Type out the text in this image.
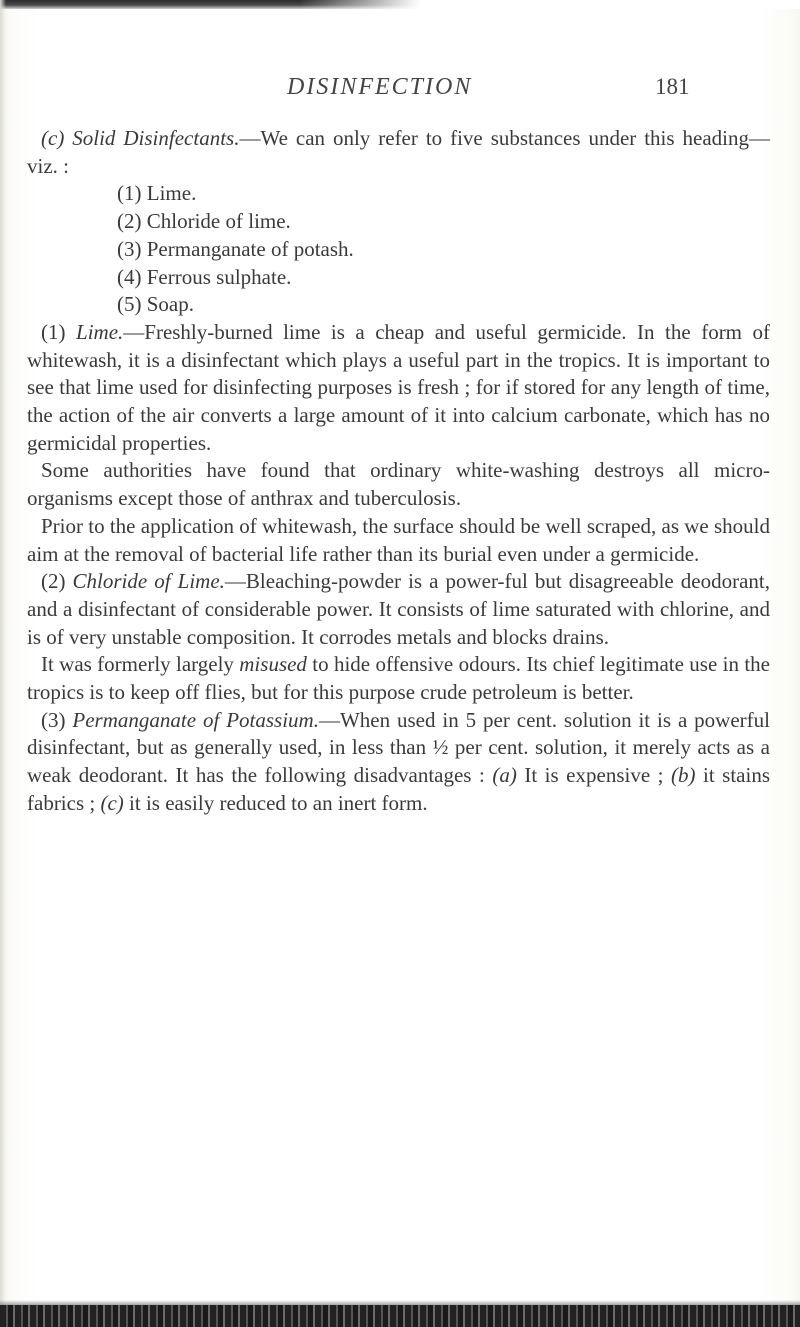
DISINFECTION	181

(c) Solid Disinfectants.—We can only refer to five substances under this heading—viz. :

(1) Lime.
(2) Chloride of lime.
(3) Permanganate of potash.
(4) Ferrous sulphate.
(5) Soap.

(1) Lime.—Freshly-burned lime is a cheap and useful germicide. In the form of whitewash, it is a disinfectant which plays a useful part in the tropics. It is important to see that lime used for disinfecting purposes is fresh ; for if stored for any length of time, the action of the air converts a large amount of it into calcium carbonate, which has no germicidal properties.

Some authorities have found that ordinary white-washing destroys all micro-organisms except those of anthrax and tuberculosis.

Prior to the application of whitewash, the surface should be well scraped, as we should aim at the removal of bacterial life rather than its burial even under a germicide.

(2) Chloride of Lime.—Bleaching-powder is a power-ful but disagreeable deodorant, and a disinfectant of considerable power. It consists of lime saturated with chlorine, and is of very unstable composition. It corrodes metals and blocks drains.

It was formerly largely misused to hide offensive odours. Its chief legitimate use in the tropics is to keep off flies, but for this purpose crude petroleum is better.

(3) Permanganate of Potassium.—When used in 5 per cent. solution it is a powerful disinfectant, but as generally used, in less than ½ per cent. solution, it merely acts as a weak deodorant. It has the following disadvantages : (a) It is expensive ; (b) it stains fabrics ; (c) it is easily reduced to an inert form.
